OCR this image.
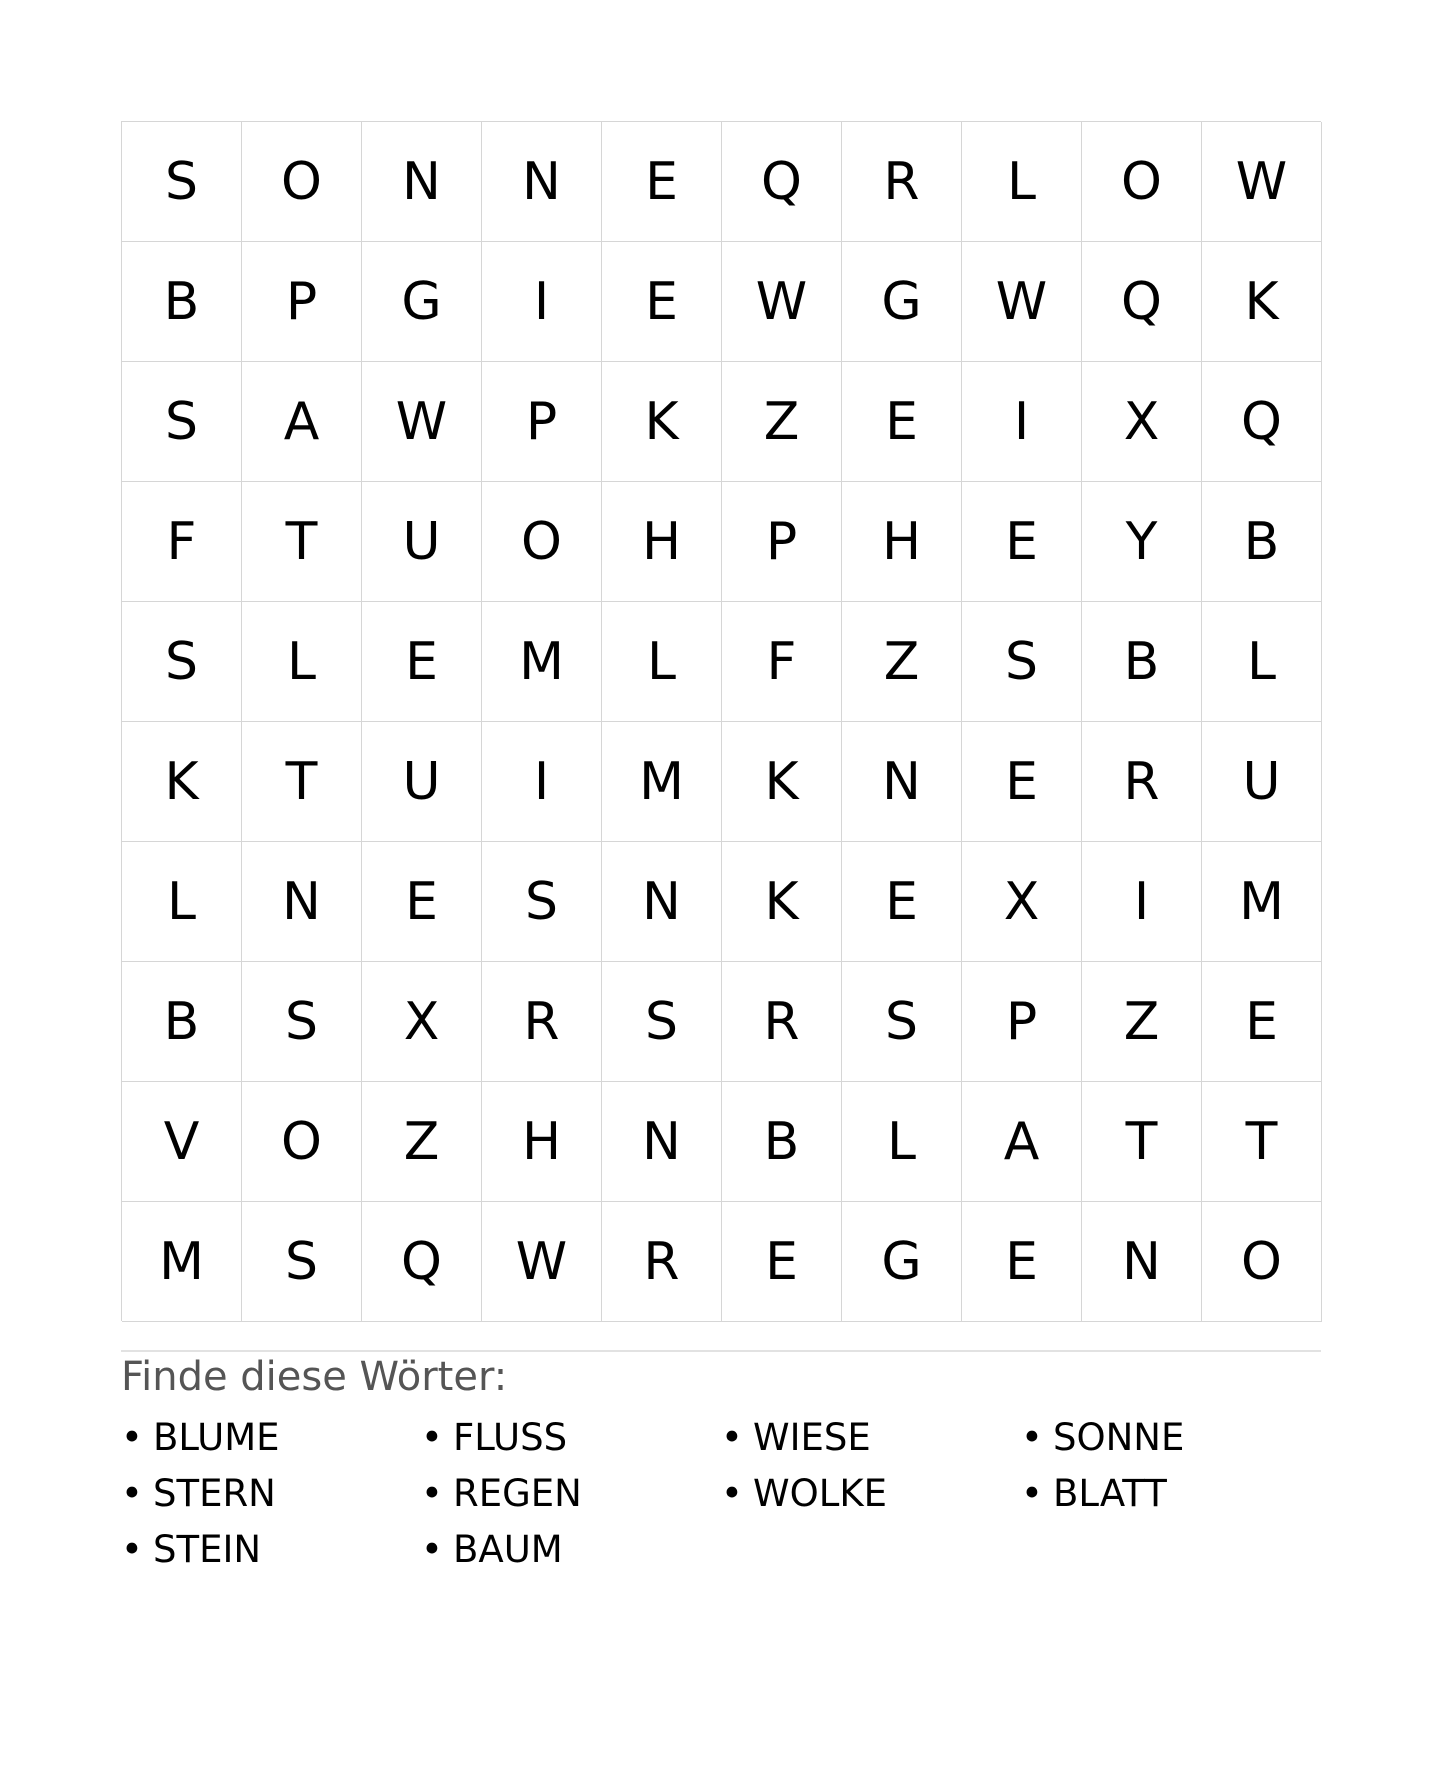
S	O	N	N	E	Q	R	L	O	W
B	P	G	I	E	W	G	W	Q	K
S	A	W	P	K	Z	E	I	X	Q
F	T	U	O	H	P	H	E	Y	B
S	L	E	M	L	F	Z	S	B	L
K	T	U	I	M	K	N	E	R	U
L	N	E	S	N	K	E	X	I	M
B	S	X	R	S	R	S	P	Z	E
V	O	Z	H	N	B	L	A	T	T
M	S	Q	W	R	E	G	E	N	O
Finde diese Wörter:
• BLUME	• FLUSS	• WIESE	• SONNE
• STERN	• REGEN	• WOLKE	• BLATT
• STEIN	• BAUM
